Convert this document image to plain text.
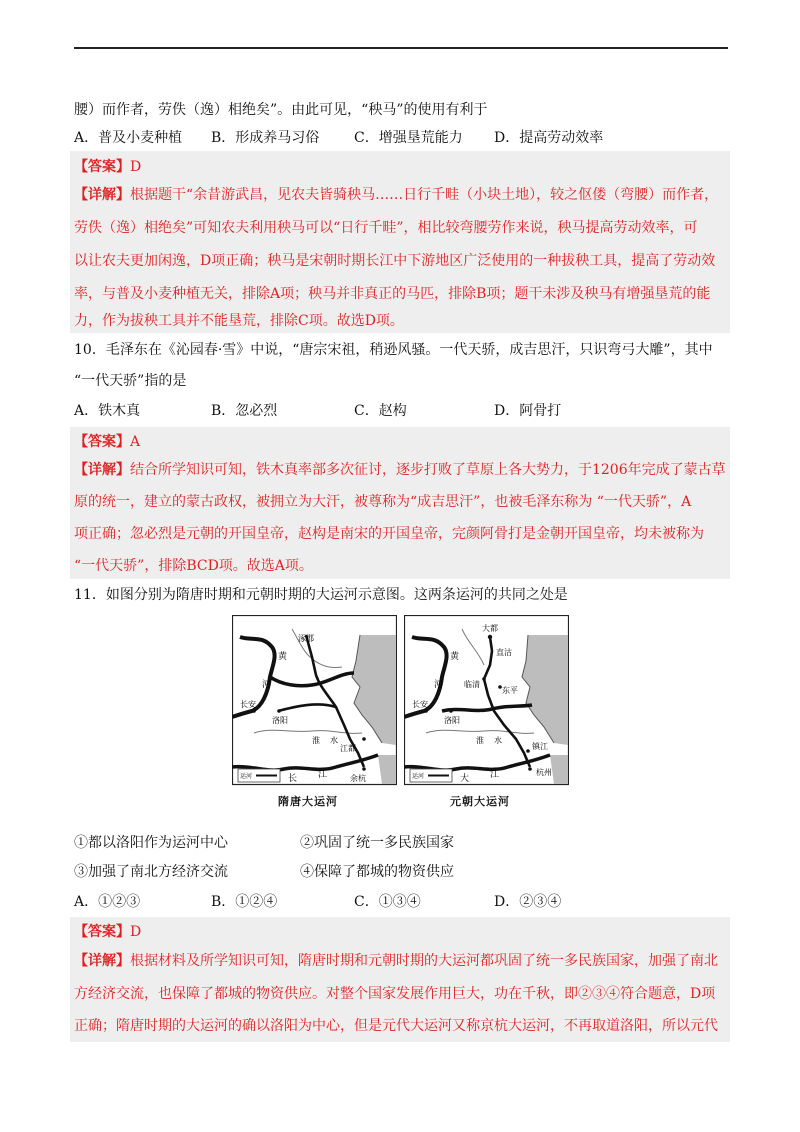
腰）而作者，劳佚（逸）相绝矣”。由此可见，“秧马”的使用有利于
A．普及小麦种植 B．形成养马习俗 C．增强垦荒能力 D．提高劳动效率
【答案】D
【详解】根据题干“余昔游武昌，见农夫皆骑秧马……日行千畦（小块土地），较之伛偻（弯腰）而作者，
劳佚（逸）相绝矣”可知农夫利用秧马可以“日行千畦”，相比较弯腰劳作来说，秧马提高劳动效率，可
以让农夫更加闲逸，D项正确；秧马是宋朝时期长江中下游地区广泛使用的一种拔秧工具，提高了劳动效
率，与普及小麦种植无关，排除A项；秧马并非真正的马匹，排除B项；题干未涉及秧马有增强垦荒的能
力，作为拔秧工具并不能垦荒，排除C项。故选D项。
10．毛泽东在《沁园春·雪》中说，“唐宗宋祖，稍逊风骚。一代天骄，成吉思汗，只识弯弓大雕”，其中
“一代天骄”指的是
A．铁木真	B．忽必烈	C．赵构	D．阿骨打
【答案】A
【详解】结合所学知识可知，铁木真率部多次征讨，逐步打败了草原上各大势力，于1206年完成了蒙古草
原的统一，建立的蒙古政权，被拥立为大汗，被尊称为“成吉思汗”，也被毛泽东称为 “一代天骄”，A
项正确；忽必烈是元朝的开国皇帝，赵构是南宋的开国皇帝，完颜阿骨打是金朝开国皇帝，均未被称为
“一代天骄”，排除BCD项。故选A项。
11．如图分别为隋唐时期和元朝时期的大运河示意图。这两条运河的共同之处是
涿郡
黄
河
长安
洛阳
淮 水
江都
长 江	余杭
运河
隋唐大运河
大都
直沽
临清
东平
黄
河
长安
洛阳
淮 水
镇江
大 江	杭州
运河
元朝大运河
①都以洛阳作为运河中心	②巩固了统一多民族国家
③加强了南北方经济交流	④保障了都城的物资供应
A．①②③	B．①②④	C．①③④	D．②③④
【答案】D
【详解】根据材料及所学知识可知，隋唐时期和元朝时期的大运河都巩固了统一多民族国家，加强了南北
方经济交流，也保障了都城的物资供应。对整个国家发展作用巨大，功在千秋，即②③④符合题意，D项
正确；隋唐时期的大运河的确以洛阳为中心，但是元代大运河又称京杭大运河，不再取道洛阳，所以元代
